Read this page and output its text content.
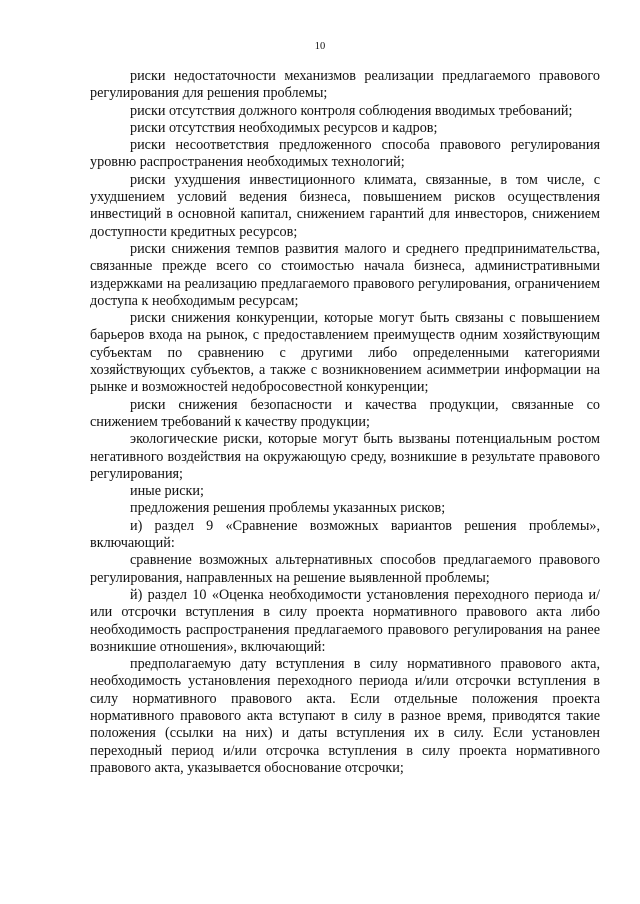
10

риски недостаточности механизмов реализации предлагаемого правового регулирования для решения проблемы;

риски отсутствия должного контроля соблюдения вводимых требований;

риски отсутствия необходимых ресурсов и кадров;

риски несоответствия предложенного способа правового регулирования уровню распространения необходимых технологий;

риски ухудшения инвестиционного климата, связанные, в том числе, с ухудшением условий ведения бизнеса, повышением рисков осуществления инвестиций в основной капитал, снижением гарантий для инвесторов, снижением доступности кредитных ресурсов;

риски снижения темпов развития малого и среднего предпринимательства, связанные прежде всего со стоимостью начала бизнеса, административными издержками на реализацию предлагаемого правового регулирования, ограничением доступа к необходимым ресурсам;

риски снижения конкуренции, которые могут быть связаны с повышением барьеров входа на рынок, с предоставлением преимуществ одним хозяйствующим субъектам по сравнению с другими либо определенными категориями хозяйствующих субъектов, а также с возникновением асимметрии информации на рынке и возможностей недобросовестной конкуренции;

риски снижения безопасности и качества продукции, связанные со снижением требований к качеству продукции;

экологические риски, которые могут быть вызваны потенциальным ростом негативного воздействия на окружающую среду, возникшие в результате правового регулирования;

иные риски;

предложения решения проблемы указанных рисков;

и) раздел 9 «Сравнение возможных вариантов решения проблемы», включающий:

сравнение возможных альтернативных способов предлагаемого правового регулирования, направленных на решение выявленной проблемы;

й) раздел 10 «Оценка необходимости установления переходного периода и/или отсрочки вступления в силу проекта нормативного правового акта либо необходимость распространения предлагаемого правового регулирования на ранее возникшие отношения», включающий:

предполагаемую дату вступления в силу нормативного правового акта, необходимость установления переходного периода и/или отсрочки вступления в силу нормативного правового акта. Если отдельные положения проекта нормативного правового акта вступают в силу в разное время, приводятся такие положения (ссылки на них) и даты вступления их в силу. Если установлен переходный период и/или отсрочка вступления в силу проекта нормативного правового акта, указывается обоснование отсрочки;
